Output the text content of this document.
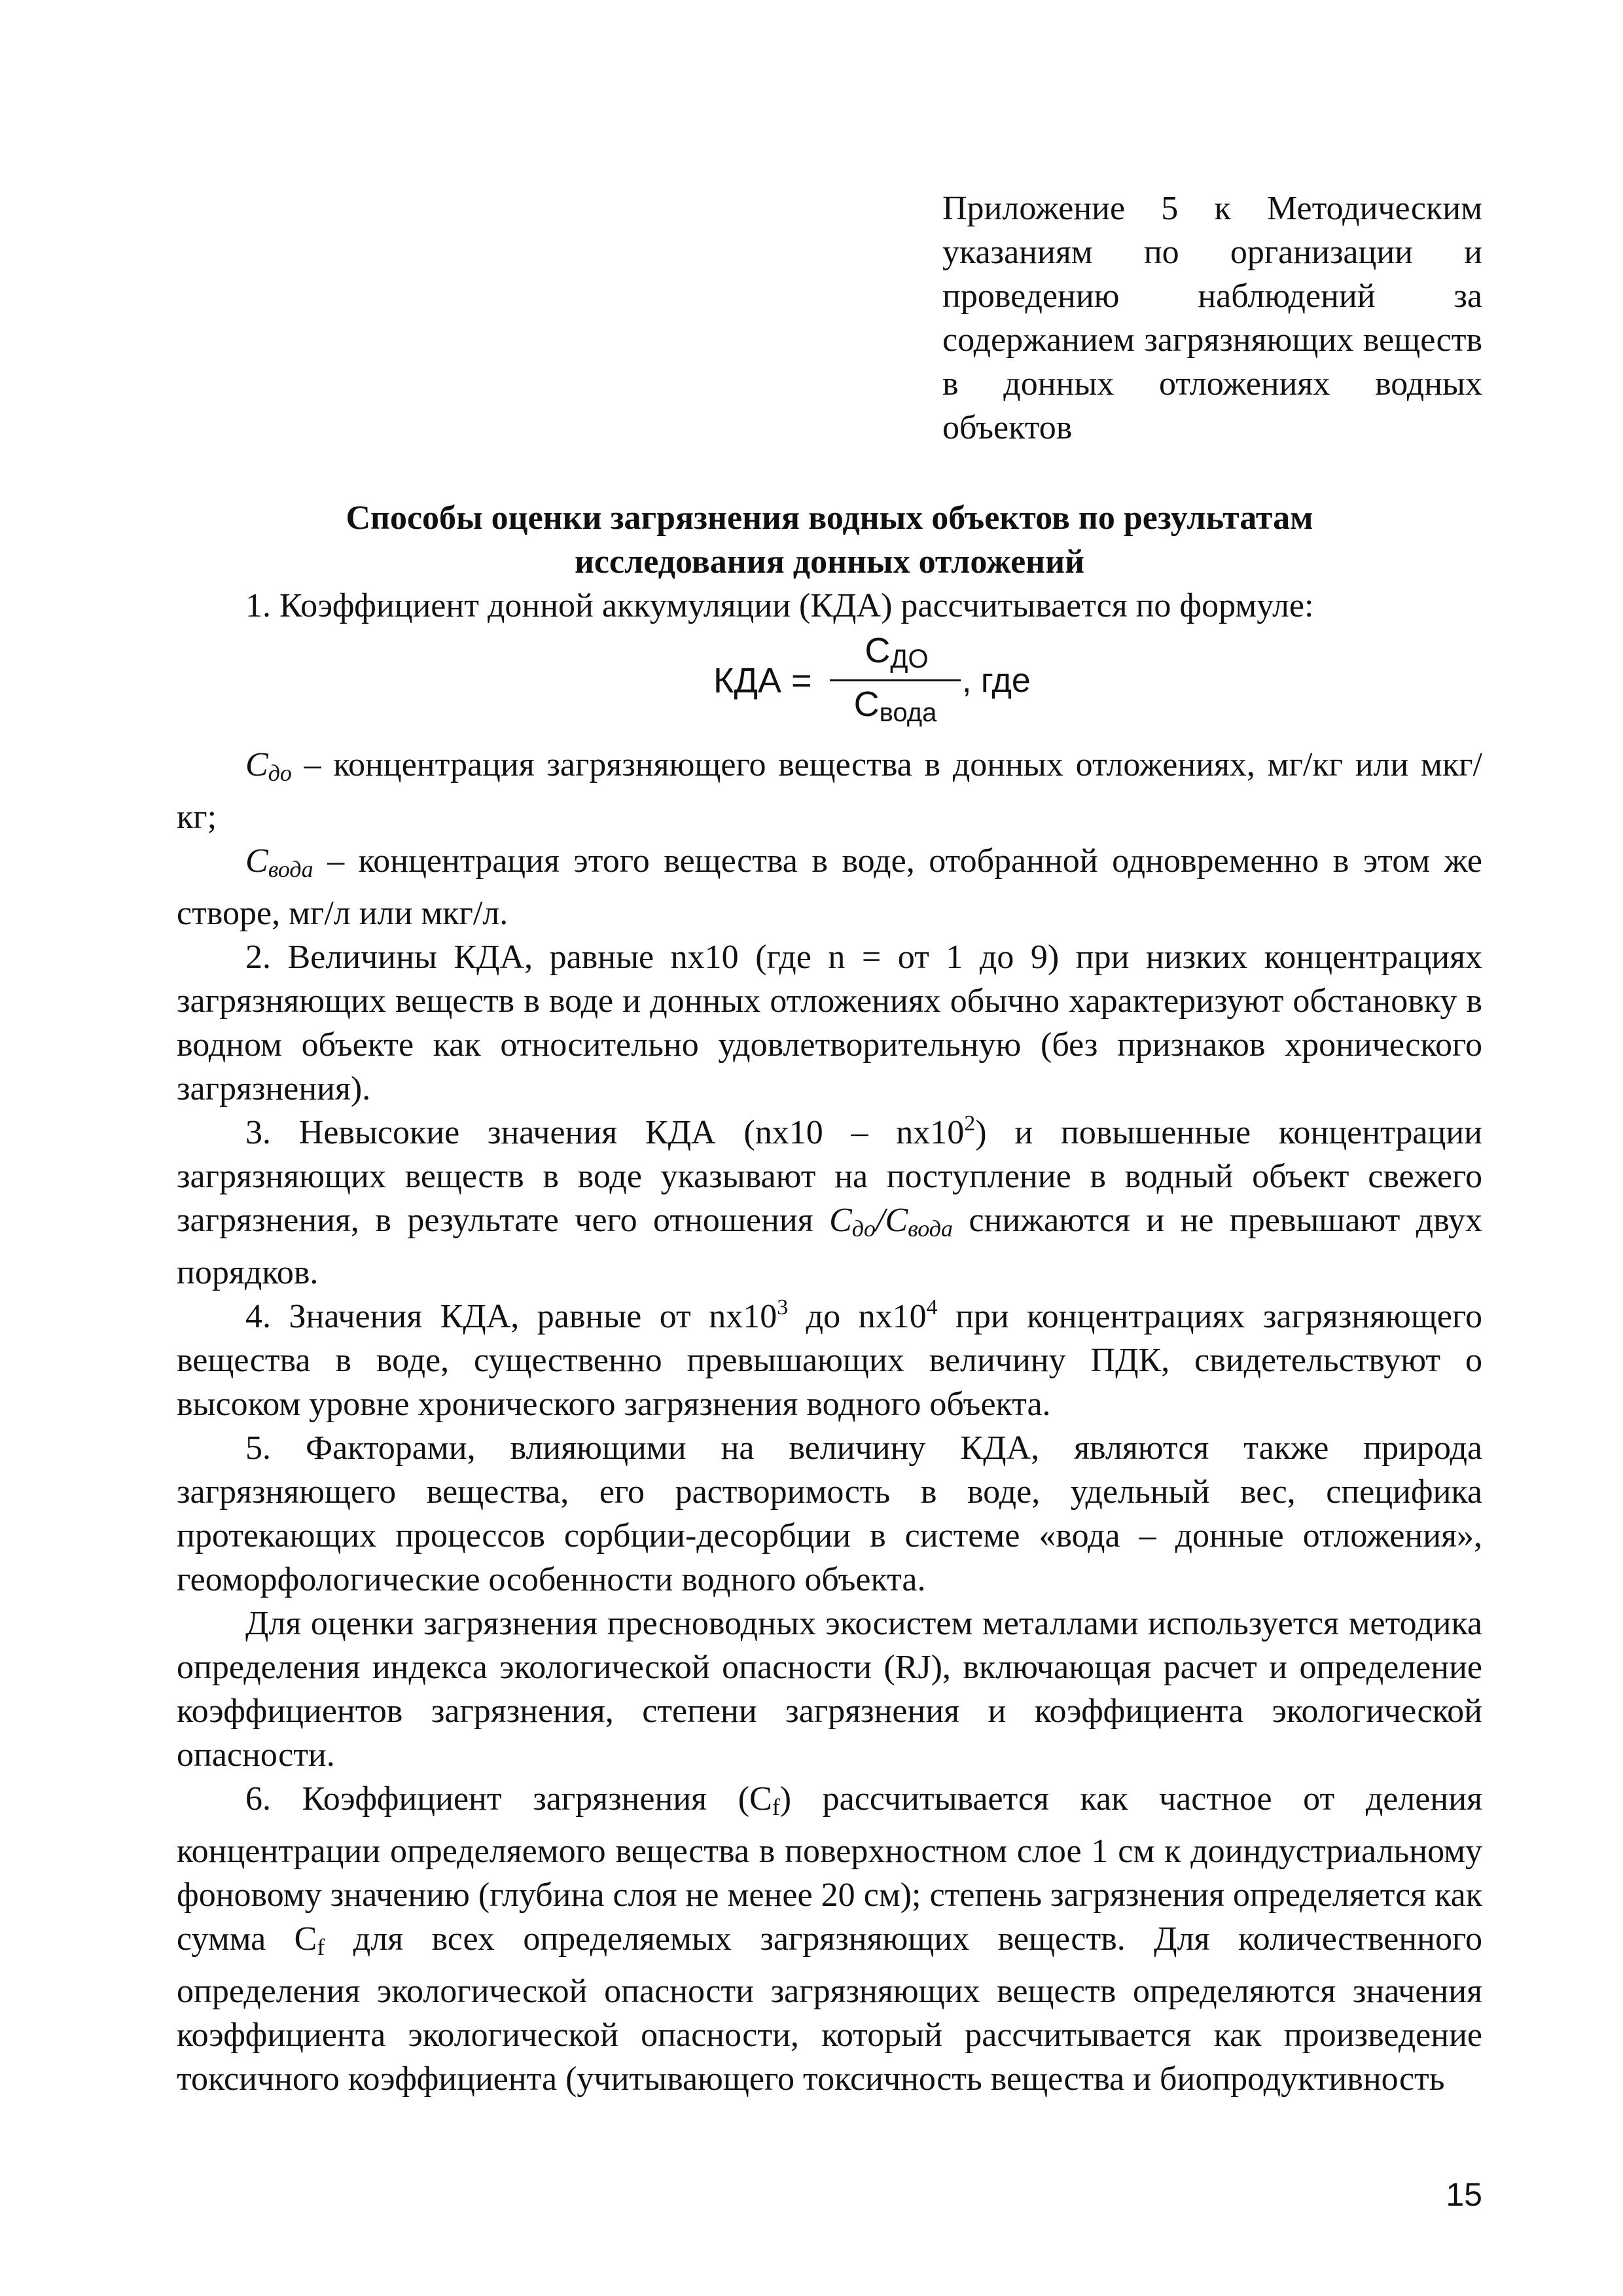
Приложение 5 к Методическим указаниям по организации и проведению наблюдений за содержанием загрязняющих веществ в донных отложениях водных объектов
Способы оценки загрязнения водных объектов по результатам
исследования донных отложений

1. Коэффициент донной аккумуляции (КДА) рассчитывается по формуле:

КДА =
$С_{ДО}$
$С_{вода}$
, где

$С_{до}$ – концентрация загрязняющего вещества в донных отложениях, мг/кг или мкг/кг;

$С_{вода}$ – концентрация этого вещества в воде, отобранной одновременно в этом же створе, мг/л или мкг/л.

2. Величины КДА, равные nх10 (где n = от 1 до 9) при низких концентрациях загрязняющих веществ в воде и донных отложениях обычно характеризуют обстановку в водном объекте как относительно удовлетворительную (без признаков хронического загрязнения).

3. Невысокие значения КДА $(nх10 - nх10^2)$ и повышенные концентрации загрязняющих веществ в воде указывают на поступление в водный объект свежего загрязнения, в результате чего отношения $С_{до}/С_{вода}$ снижаются и не превышают двух порядков.

4. Значения КДА, равные от $nх10^3$ до $nх10^4$ при концентрациях загрязняющего вещества в воде, существенно превышающих величину ПДК, свидетельствуют о высоком уровне хронического загрязнения водного объекта.

5. Факторами, влияющими на величину КДА, являются также природа загрязняющего вещества, его растворимость в воде, удельный вес, специфика протекающих процессов сорбции-десорбции в системе «вода – донные отложения», геоморфологические особенности водного объекта.

Для оценки загрязнения пресноводных экосистем металлами используется методика определения индекса экологической опасности (RJ), включающая расчет и определение коэффициентов загрязнения, степени загрязнения и коэффициента экологической опасности.

6. Коэффициент загрязнения $(С_f)$ рассчитывается как частное от деления концентрации определяемого вещества в поверхностном слое 1 см к доиндустриальному фоновому значению (глубина слоя не менее 20 см); степень загрязнения определяется как сумма $С_f$ для всех определяемых загрязняющих веществ. Для количественного определения экологической опасности загрязняющих веществ определяются значения коэффициента экологической опасности, который рассчитывается как произведение токсичного коэффициента (учитывающего токсичность вещества и биопродуктивность

15
